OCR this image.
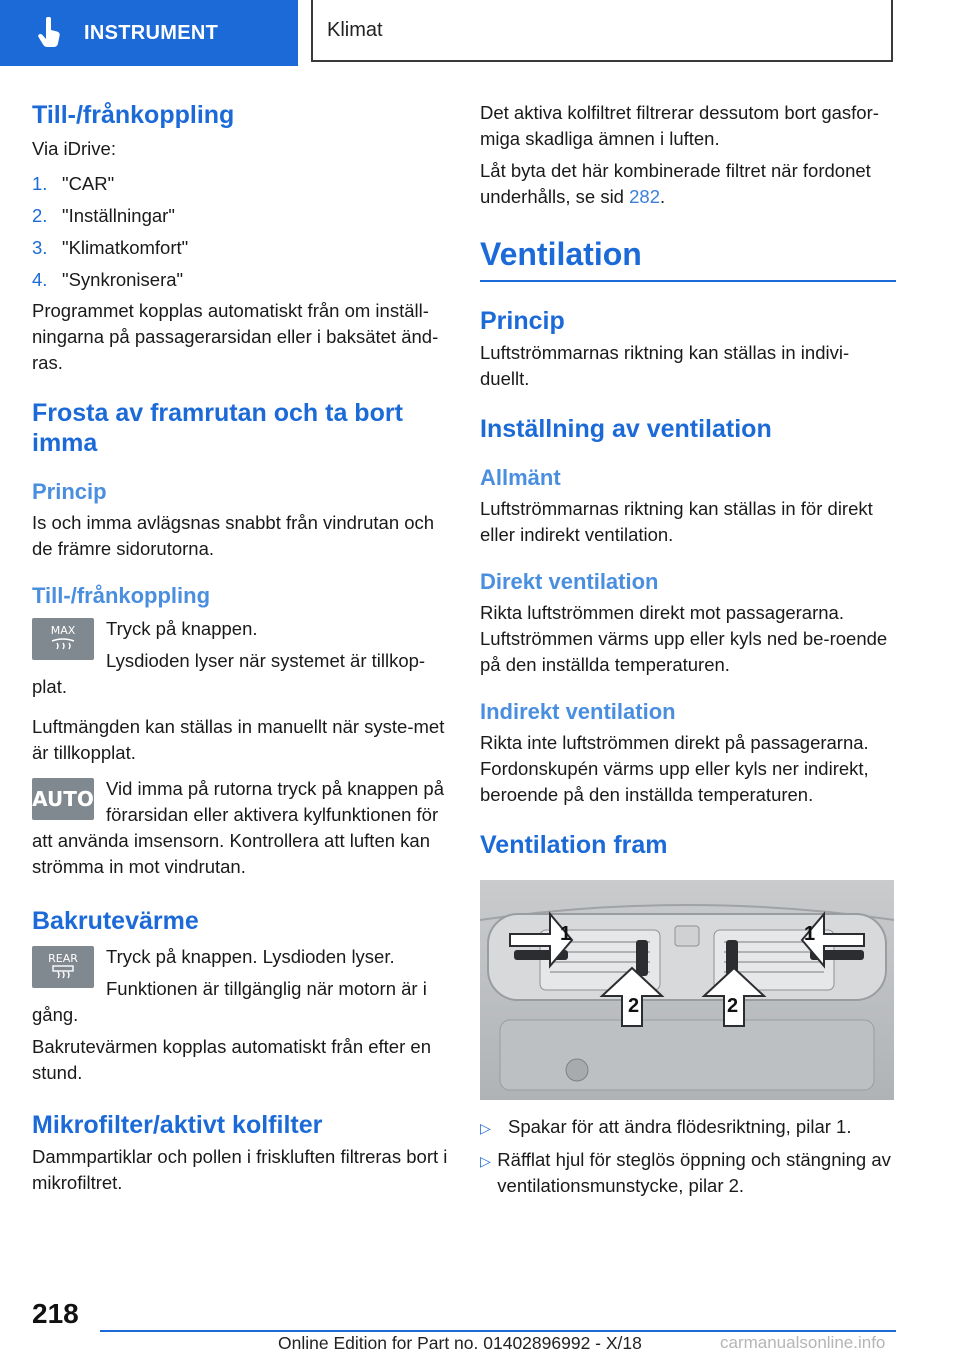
INSTRUMENT	Klimat
Till-/frånkoppling

Via iDrive:

1. "CAR"
2. "Inställningar"
3. "Klimatkomfort"
4. "Synkronisera"

Programmet kopplas automatiskt från om inställ-ningarna på passagerarsidan eller i baksätet änd-ras.

Frosta av framrutan och ta bort
imma
Princip

Is och imma avlägsnas snabbt från vindrutan och de främre sidorutorna.

Till-/frånkoppling
MAX	Tryck på knappen.

Lysdioden lyser när systemet är tillkop-plat.

Luftmängden kan ställas in manuellt när syste-met är tillkopplat.

AUTO Vid imma på rutorna tryck på knappen på förarsidan eller aktivera kylfunktionen för att använda imsensorn. Kontrollera att luften kan strömma in mot vindrutan.

Bakrutevärme
REAR	Tryck på knappen. Lysdioden lyser.

Funktionen är tillgänglig när motorn är i gång.

Bakrutevärmen kopplas automatiskt från efter en stund.

Mikrofilter/aktivt kolfilter

Dammpartiklar och pollen i friskluften filtreras bort i mikrofiltret.

Det aktiva kolfiltret filtrerar dessutom bort gasfor-miga skadliga ämnen i luften.

Låt byta det här kombinerade filtret när fordonet underhålls, se sid 282.

Ventilation
Princip

Luftströmmarnas riktning kan ställas in indivi-duellt.

Inställning av ventilation
Allmänt

Luftströmmarnas riktning kan ställas in för direkt eller indirekt ventilation.

Direkt ventilation

Rikta luftströmmen direkt mot passagerarna. Luftströmmen värms upp eller kyls ned be-roende på den inställda temperaturen.

Indirekt ventilation

Rikta inte luftströmmen direkt på passagerarna. Fordonskupén värms upp eller kyls ner indirekt, beroende på den inställda temperaturen.

Ventilation fram
1	1
2	2
▷ Spakar för att ändra flödesriktning, pilar 1.
▷ Räfflat hjul för steglös öppning och stängning av ventilationsmunstycke, pilar 2.
218
Online Edition for Part no. 01402896992 - X/18	carmanualsonline.info
